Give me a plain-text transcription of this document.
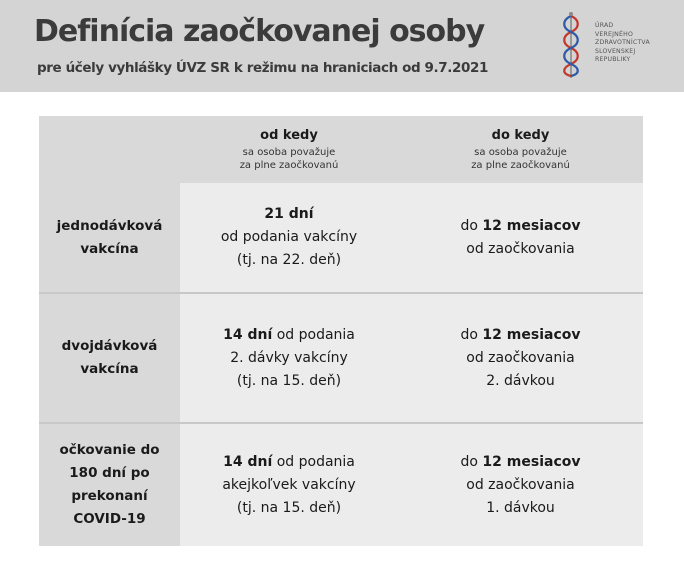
Definícia zaočkovanej osoby
pre účely vyhlášky ÚVZ SR k režimu na hraniciach od 9.7.2021
ÚRAD
VEREJNÉHO
ZDRAVOTNÍCTVA
SLOVENSKEJ
REPUBLIKY
od kedy
sa osoba považuje
za plne zaočkovanú
do kedy
sa osoba považuje
za plne zaočkovanú
jednodávková
vakcína
21 dní
od podania vakcíny
(tj. na 22. deň)
do 12 mesiacov
od zaočkovania
dvojdávková
vakcína
14 dní od podania
2. dávky vakcíny
(tj. na 15. deň)
do 12 mesiacov
od zaočkovania
2. dávkou
očkovanie do
180 dní po
prekonaní
COVID-19
14 dní od podania
akejkoľvek vakcíny
(tj. na 15. deň)
do 12 mesiacov
od zaočkovania
1. dávkou
